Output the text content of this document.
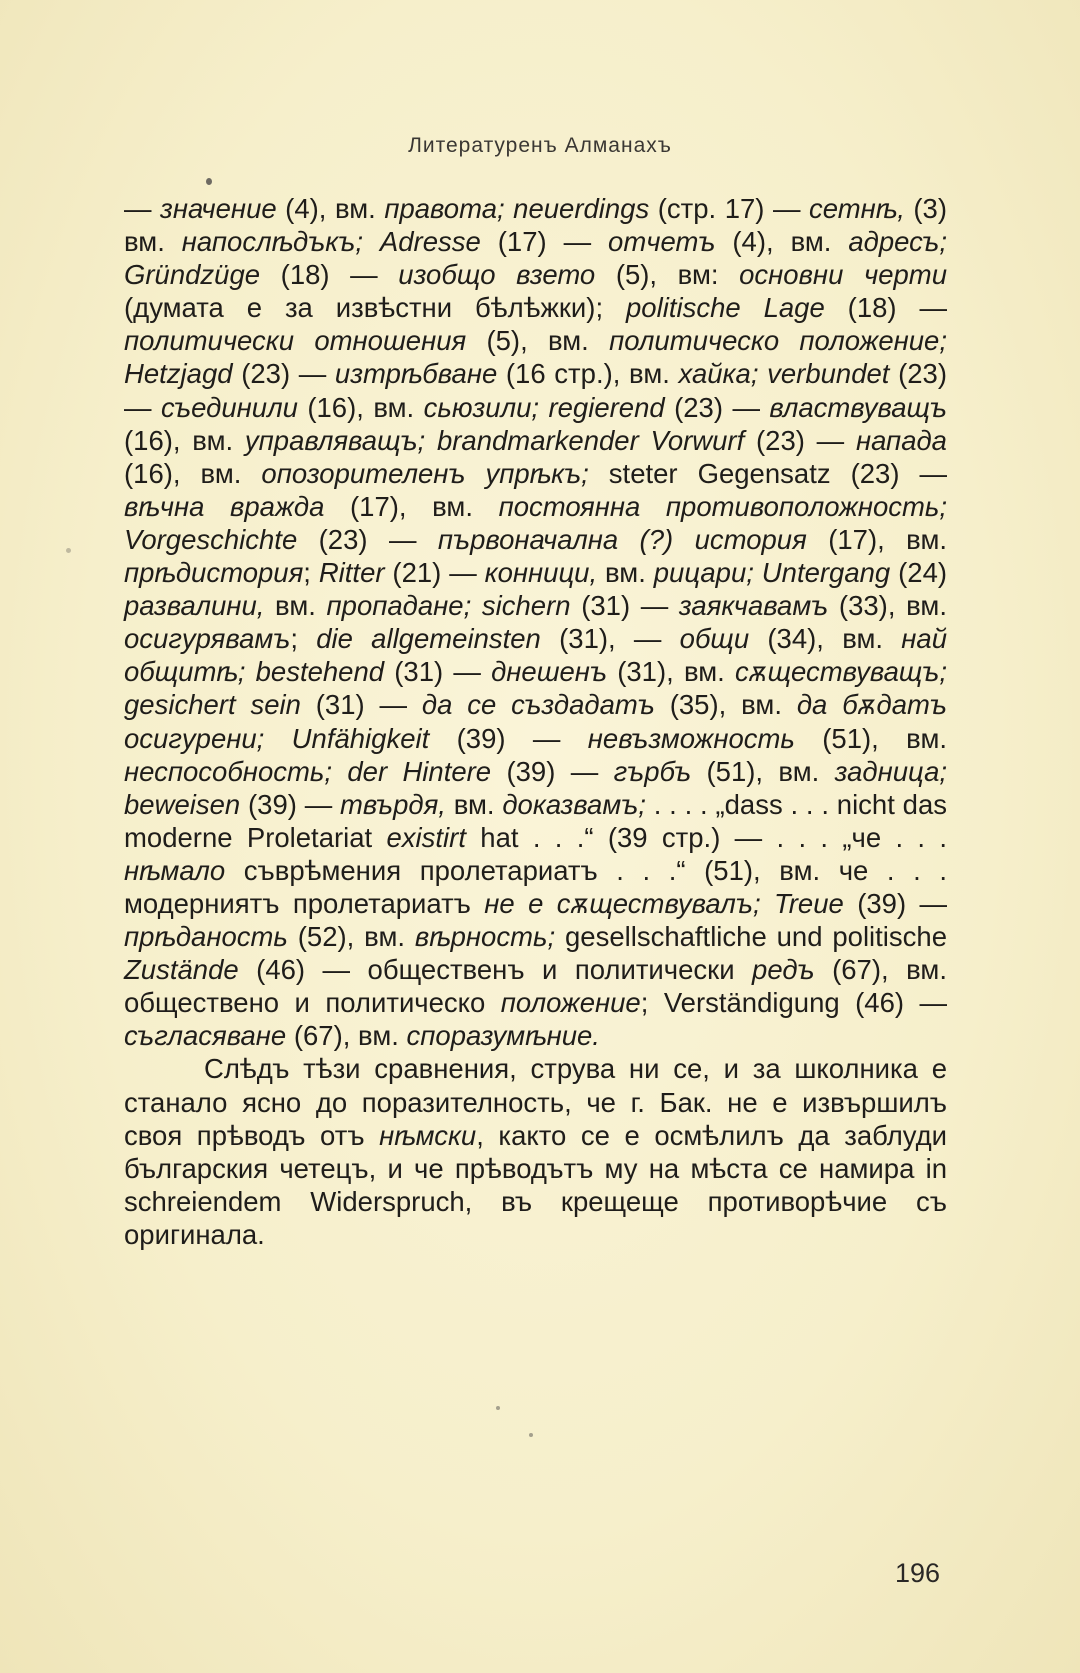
Литературенъ Алманахъ

— значение (4), вм. правота; neuerdings (стр. 17) — сетнѣ, (3) вм. напослѣдъкъ; Adresse (17) — отчетъ (4), вм. адресъ; Gründzüge (18) — изобщо взето (5), вм: основни черти (думата е за извѣстни бѣлѣжки); politische Lage (18) — политически отношения (5), вм. политическо положение; Hetzjagd (23) — изтрѣбване (16 стр.), вм. хайка; verbundet (23) — съединили (16), вм. сьюзили; regierend (23) — властвуващъ (16), вм. управляващъ; brandmarkender Vorwurf (23) — напада (16), вм. опозорителенъ упрѣкъ; steter Gegensatz (23) — вѣчна вражда (17), вм. постоянна противоположность; Vorgeschichte (23) — първоначална (?) история (17), вм. прѣдистория; Ritter (21) — конници, вм. рицари; Untergang (24) развалини, вм. пропадане; sichern (31) — заякчавамъ (33), вм. осигурявамъ; die allgemeinsten (31), — общи (34), вм. най общитѣ; bestehend (31) — днешенъ (31), вм. сѫществуващъ; gesichert sein (31) — да се създадатъ (35), вм. да бѫдатъ осигурени; Unfähigkeit (39) — невъзможность (51), вм. неспособность; der Hintere (39) — гърбъ (51), вм. задница; beweisen (39) — твърдя, вм. доказвамъ; . . . . „dass . . . nicht das moderne Proletariat existirt hat . . .“ (39 стр.) — . . . „че . . . нѣмало съврѣмения пролетариатъ . . .“ (51), вм. че . . . модерниятъ пролетариатъ не е сѫществувалъ; Treue (39) — прѣданость (52), вм. вѣрность; gesellschaftliche und politische Zustände (46) — общественъ и политически редъ (67), вм. обществено и политическо положение; Verständigung (46) — съгласяване (67), вм. споразумѣние.

Слѣдъ тѣзи сравнения, струва ни се, и за школника е станало ясно до поразителность, че г. Бак. не е извършилъ своя прѣводъ отъ нѣмски, както се е осмѣлилъ да заблуди българския четецъ, и че прѣводътъ му на мѣста се намира in schreiendem Widerspruch, въ крещеще противорѣчие съ оригинала.

196
